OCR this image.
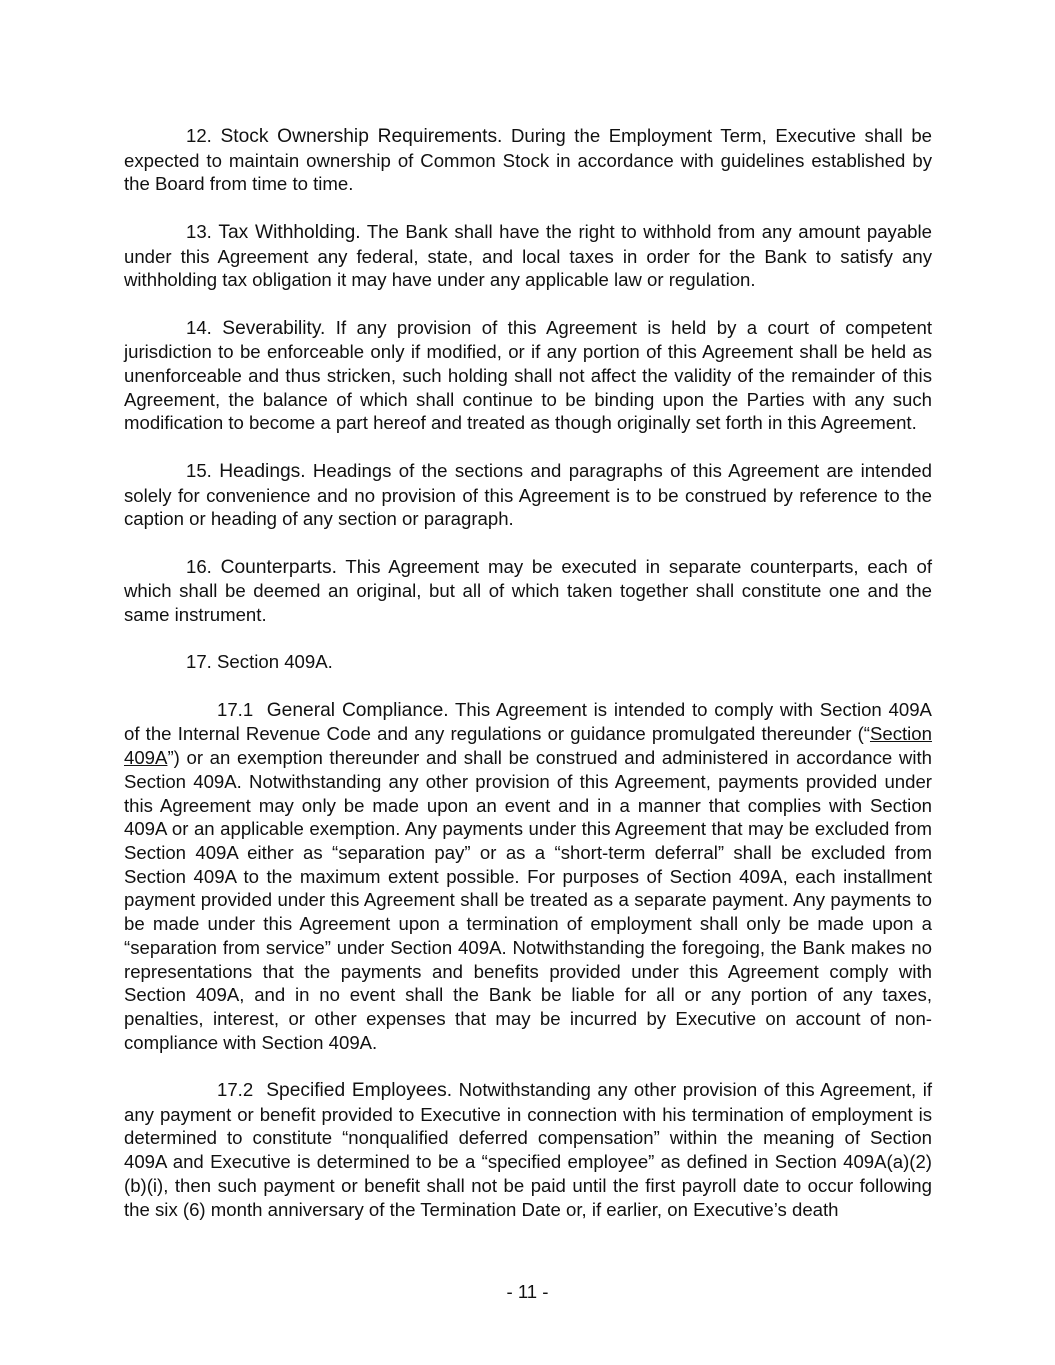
12. Stock Ownership Requirements. During the Employment Term, Executive shall be expected to maintain ownership of Common Stock in accordance with guidelines established by the Board from time to time.

13. Tax Withholding. The Bank shall have the right to withhold from any amount payable under this Agreement any federal, state, and local taxes in order for the Bank to satisfy any withholding tax obligation it may have under any applicable law or regulation.

14. Severability. If any provision of this Agreement is held by a court of competent jurisdiction to be enforceable only if modified, or if any portion of this Agreement shall be held as unenforceable and thus stricken, such holding shall not affect the validity of the remainder of this Agreement, the balance of which shall continue to be binding upon the Parties with any such modification to become a part hereof and treated as though originally set forth in this Agreement.

15. Headings. Headings of the sections and paragraphs of this Agreement are intended solely for convenience and no provision of this Agreement is to be construed by reference to the caption or heading of any section or paragraph.

16. Counterparts. This Agreement may be executed in separate counterparts, each of which shall be deemed an original, but all of which taken together shall constitute one and the same instrument.

17. Section 409A.

17.1 General Compliance. This Agreement is intended to comply with Section 409A of the Internal Revenue Code and any regulations or guidance promulgated thereunder (“Section 409A”) or an exemption thereunder and shall be construed and administered in accordance with Section 409A. Notwithstanding any other provision of this Agreement, payments provided under this Agreement may only be made upon an event and in a manner that complies with Section 409A or an applicable exemption. Any payments under this Agreement that may be excluded from Section 409A either as “separation pay” or as a “short-term deferral” shall be excluded from Section 409A to the maximum extent possible. For purposes of Section 409A, each installment payment provided under this Agreement shall be treated as a separate payment. Any payments to be made under this Agreement upon a termination of employment shall only be made upon a “separation from service” under Section 409A. Notwithstanding the foregoing, the Bank makes no representations that the payments and benefits provided under this Agreement comply with Section 409A, and in no event shall the Bank be liable for all or any portion of any taxes, penalties, interest, or other expenses that may be incurred by Executive on account of non-compliance with Section 409A.

17.2 Specified Employees. Notwithstanding any other provision of this Agreement, if any payment or benefit provided to Executive in connection with his termination of employment is determined to constitute “nonqualified deferred compensation” within the meaning of Section 409A and Executive is determined to be a “specified employee” as defined in Section 409A(a)(2)(b)(i), then such payment or benefit shall not be paid until the first payroll date to occur following the six (6) month anniversary of the Termination Date or, if earlier, on Executive’s death

- 11 -
